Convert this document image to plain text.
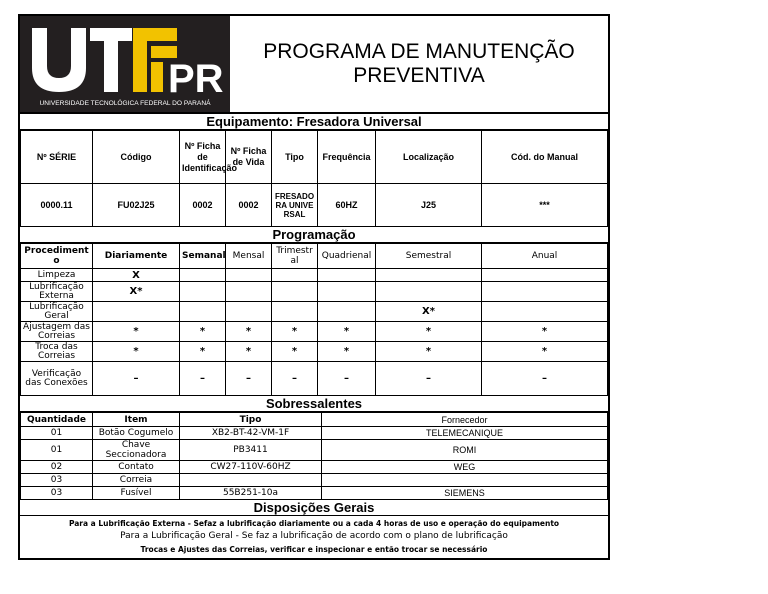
PR
UNIVERSIDADE TECNOLÓGICA FEDERAL DO PARANÁ
PROGRAMA DE MANUTENÇÃO PREVENTIVA
Equipamento: Fresadora Universal
Nº SÉRIE	Código	Nº Ficha de Identificação	Nº Ficha de Vida	Tipo	Frequência	Localização	Cód. do Manual
0000.11	FU02J25	0002	0002	FRESADORA UNIVERSAL	60HZ	J25	***
Programação
Procedimento	Diariamente	Semanal	Mensal	Trimestral	Quadrienal	Semestral	Anual
Limpeza	X						
Lubrificação Externa	X*						
Lubrificação Geral						X*	
Ajustagem das Correias	*	*	*	*	*	*	*
Troca das Correias	*	*	*	*	*	*	*
Verificação das Conexões	–	–	–	–	–	–	–
Sobressalentes
Quantidade	Item	Tipo	Fornecedor
01	Botão Cogumelo	XB2-BT-42-VM-1F	TELEMECANIQUE
01	Chave Seccionadora	PB3411	ROMI
02	Contato	CW27-110V-60HZ	WEG
03	Correia		
03	Fusível	55B251-10a	SIEMENS
Disposições Gerais
Para a Lubrificação Externa - Sefaz a lubrificação diariamente ou a cada 4 horas de uso e operação do equipamento
Para a Lubrificação Geral - Se faz a lubrificação de acordo com o plano de lubrificação
Trocas e Ajustes das Correias, verificar e inspecionar e então trocar se necessário
